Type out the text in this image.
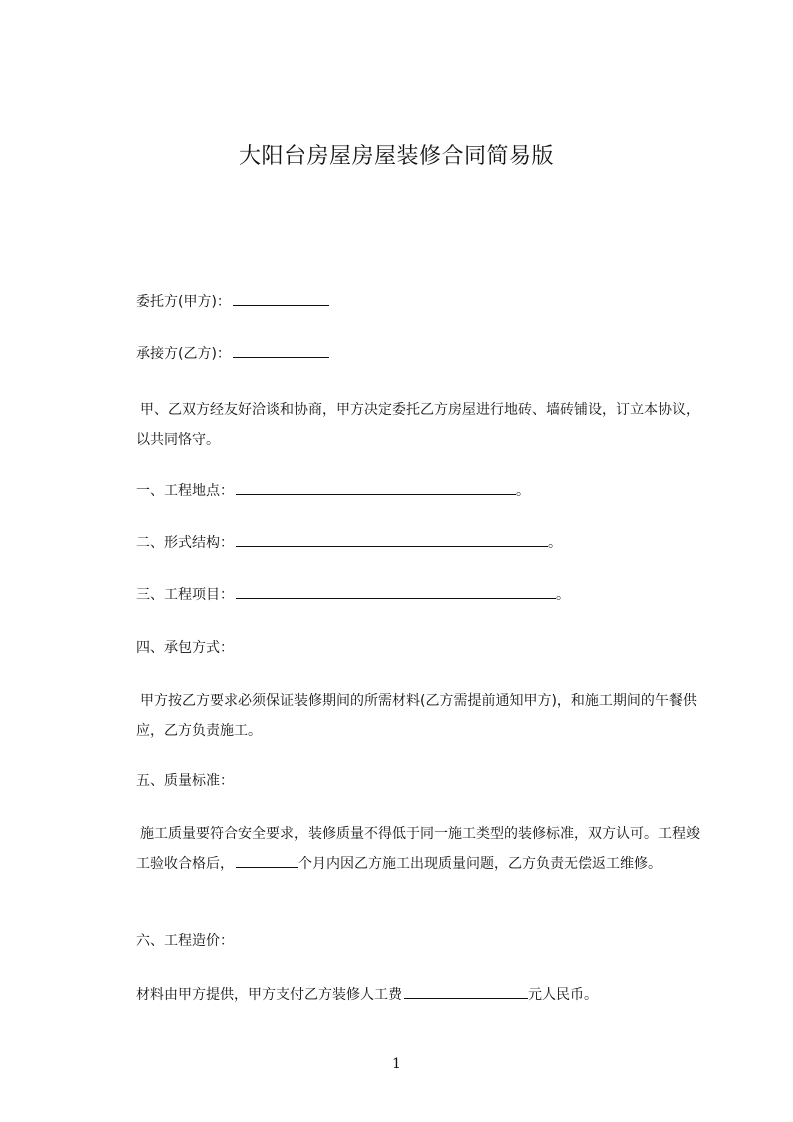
大阳台房屋房屋装修合同简易版
委托方(甲方)：
承接方(乙方)：
甲、乙双方经友好洽谈和协商，甲方决定委托乙方房屋进行地砖、墙砖铺设，订立本协议，以共同恪守。
一、工程地点：	。
二、形式结构：	。
三、工程项目：	。
四、承包方式：
甲方按乙方要求必须保证装修期间的所需材料(乙方需提前通知甲方)，和施工期间的午餐供应，乙方负责施工。
五、质量标准：
施工质量要符合安全要求，装修质量不得低于同一施工类型的装修标准，双方认可。工程竣工验收合格后，	个月内因乙方施工出现质量问题，乙方负责无偿返工维修。
六、工程造价：
材料由甲方提供，甲方支付乙方装修人工费	元人民币。
1
